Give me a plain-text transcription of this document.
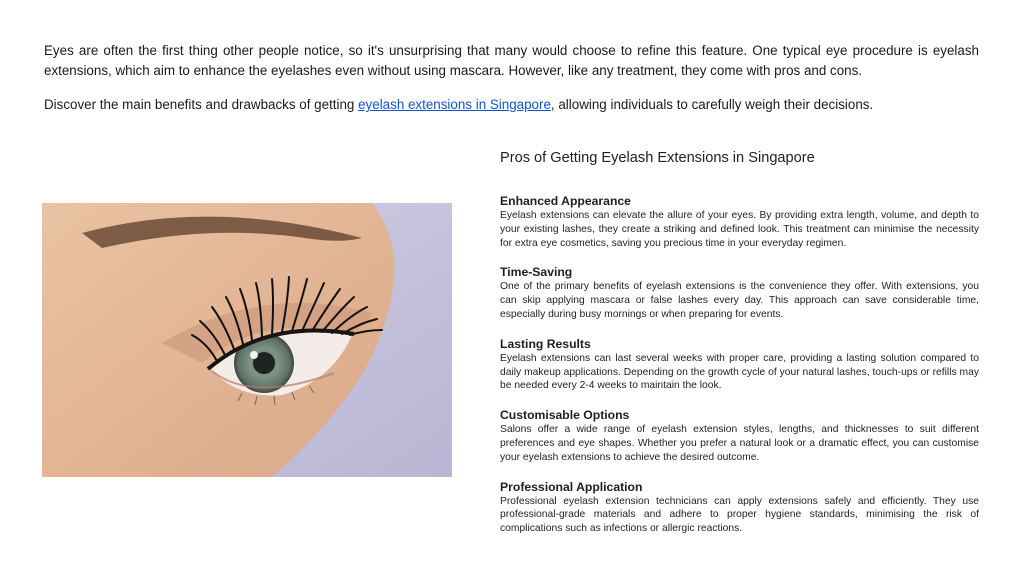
Eyes are often the first thing other people notice, so it's unsurprising that many would choose to refine this feature. One typical eye procedure is eyelash extensions, which aim to enhance the eyelashes even without using mascara. However, like any treatment, they come with pros and cons.

Discover the main benefits and drawbacks of getting eyelash extensions in Singapore, allowing individuals to carefully weigh their decisions.

Pros of Getting Eyelash Extensions in Singapore
Enhanced Appearance

Eyelash extensions can elevate the allure of your eyes. By providing extra length, volume, and depth to your existing lashes, they create a striking and defined look. This treatment can minimise the necessity for extra eye cosmetics, saving you precious time in your everyday regimen.

Time-Saving

One of the primary benefits of eyelash extensions is the convenience they offer. With extensions, you can skip applying mascara or false lashes every day. This approach can save considerable time, especially during busy mornings or when preparing for events.

Lasting Results

Eyelash extensions can last several weeks with proper care, providing a lasting solution compared to daily makeup applications. Depending on the growth cycle of your natural lashes, touch-ups or refills may be needed every 2-4 weeks to maintain the look.

Customisable Options

Salons offer a wide range of eyelash extension styles, lengths, and thicknesses to suit different preferences and eye shapes. Whether you prefer a natural look or a dramatic effect, you can customise your eyelash extensions to achieve the desired outcome.

Professional Application

Professional eyelash extension technicians can apply extensions safely and efficiently. They use professional-grade materials and adhere to proper hygiene standards, minimising the risk of complications such as infections or allergic reactions.
